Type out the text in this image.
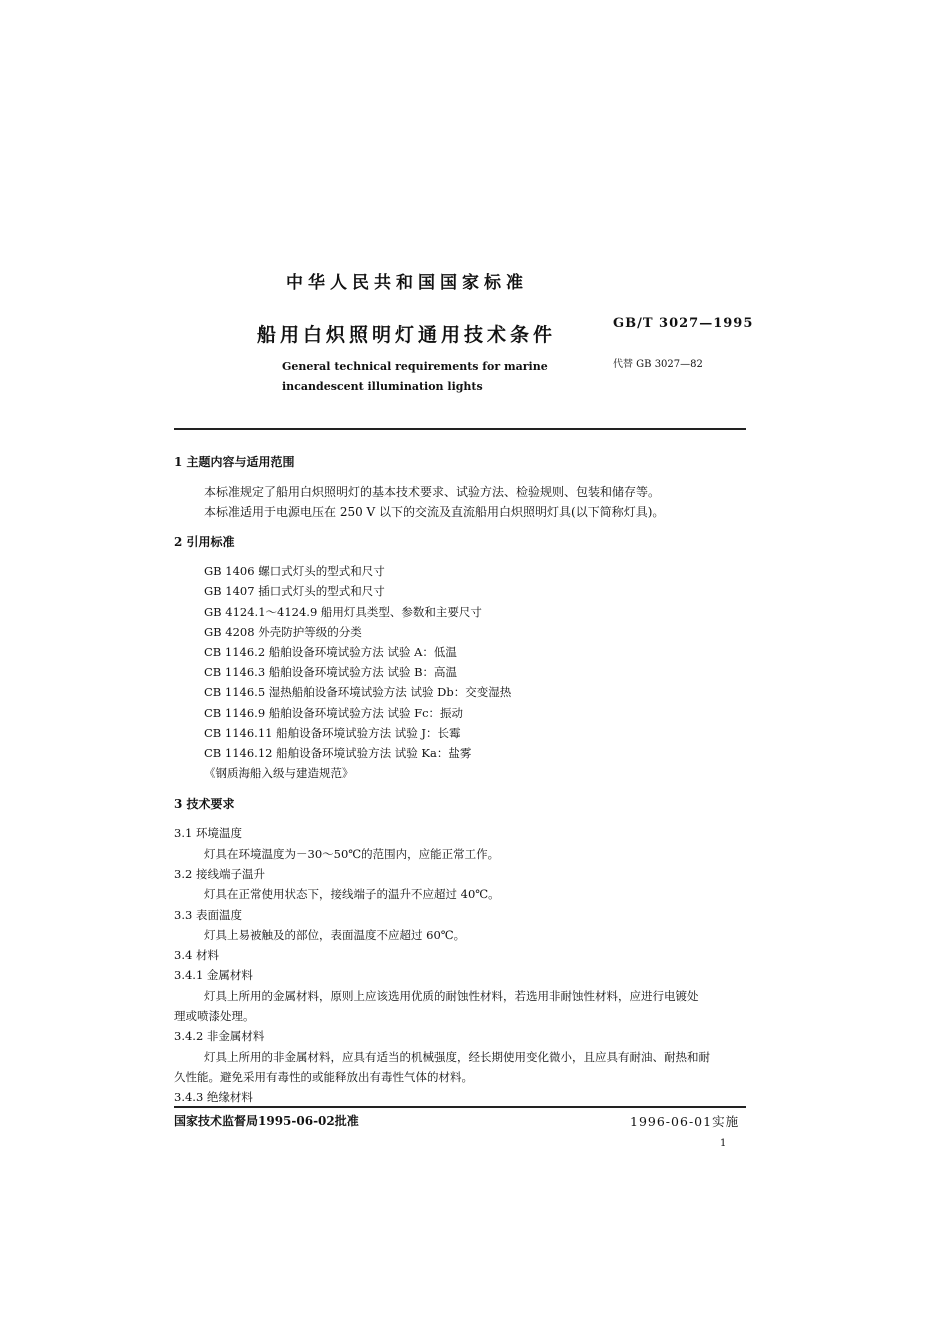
中华人民共和国国家标准
船用白炽照明灯通用技术条件
GB/T 3027—1995
代替 GB 3027—82
General technical requirements for marine
incandescent illumination lights
1 主题内容与适用范围
本标准规定了船用白炽照明灯的基本技术要求、试验方法、检验规则、包装和储存等。
本标准适用于电源电压在 250 V 以下的交流及直流船用白炽照明灯具(以下简称灯具)。
2 引用标准
GB 1406 螺口式灯头的型式和尺寸
GB 1407 插口式灯头的型式和尺寸
GB 4124.1～4124.9 船用灯具类型、参数和主要尺寸
GB 4208 外壳防护等级的分类
CB 1146.2 船舶设备环境试验方法 试验 A：低温
CB 1146.3 船舶设备环境试验方法 试验 B：高温
CB 1146.5 湿热船舶设备环境试验方法 试验 Db：交变湿热
CB 1146.9 船舶设备环境试验方法 试验 Fc：振动
CB 1146.11 船舶设备环境试验方法 试验 J：长霉
CB 1146.12 船舶设备环境试验方法 试验 Ka：盐雾
《钢质海船入级与建造规范》
3 技术要求
3.1 环境温度
灯具在环境温度为－30～50℃的范围内，应能正常工作。
3.2 接线端子温升
灯具在正常使用状态下，接线端子的温升不应超过 40℃。
3.3 表面温度
灯具上易被触及的部位，表面温度不应超过 60℃。
3.4 材料
3.4.1 金属材料
灯具上所用的金属材料，原则上应该选用优质的耐蚀性材料，若选用非耐蚀性材料，应进行电镀处
理或喷漆处理。
3.4.2 非金属材料
灯具上所用的非金属材料，应具有适当的机械强度，经长期使用变化微小，且应具有耐油、耐热和耐
久性能。避免采用有毒性的或能释放出有毒性气体的材料。
3.4.3 绝缘材料
国家技术监督局1995-06-02批准	1996-06-01实施
1
